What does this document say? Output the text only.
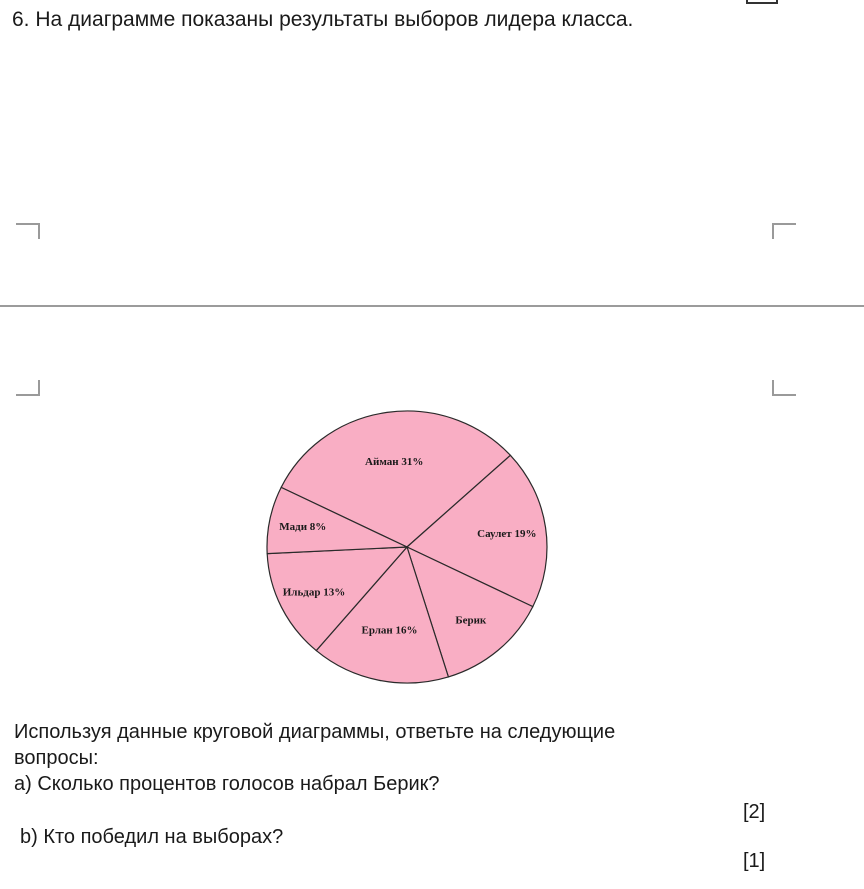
6. На диаграмме показаны результаты выборов лидера класса.
Айман 31%
Саулет 19%
Берик
Ерлан 16%
Ильдар 13%
Мади 8%
Используя данные круговой диаграммы, ответьте на следующие
вопросы:
а) Сколько процентов голосов набрал Берик?
[2]
b) Кто победил на выборах?
[1]
